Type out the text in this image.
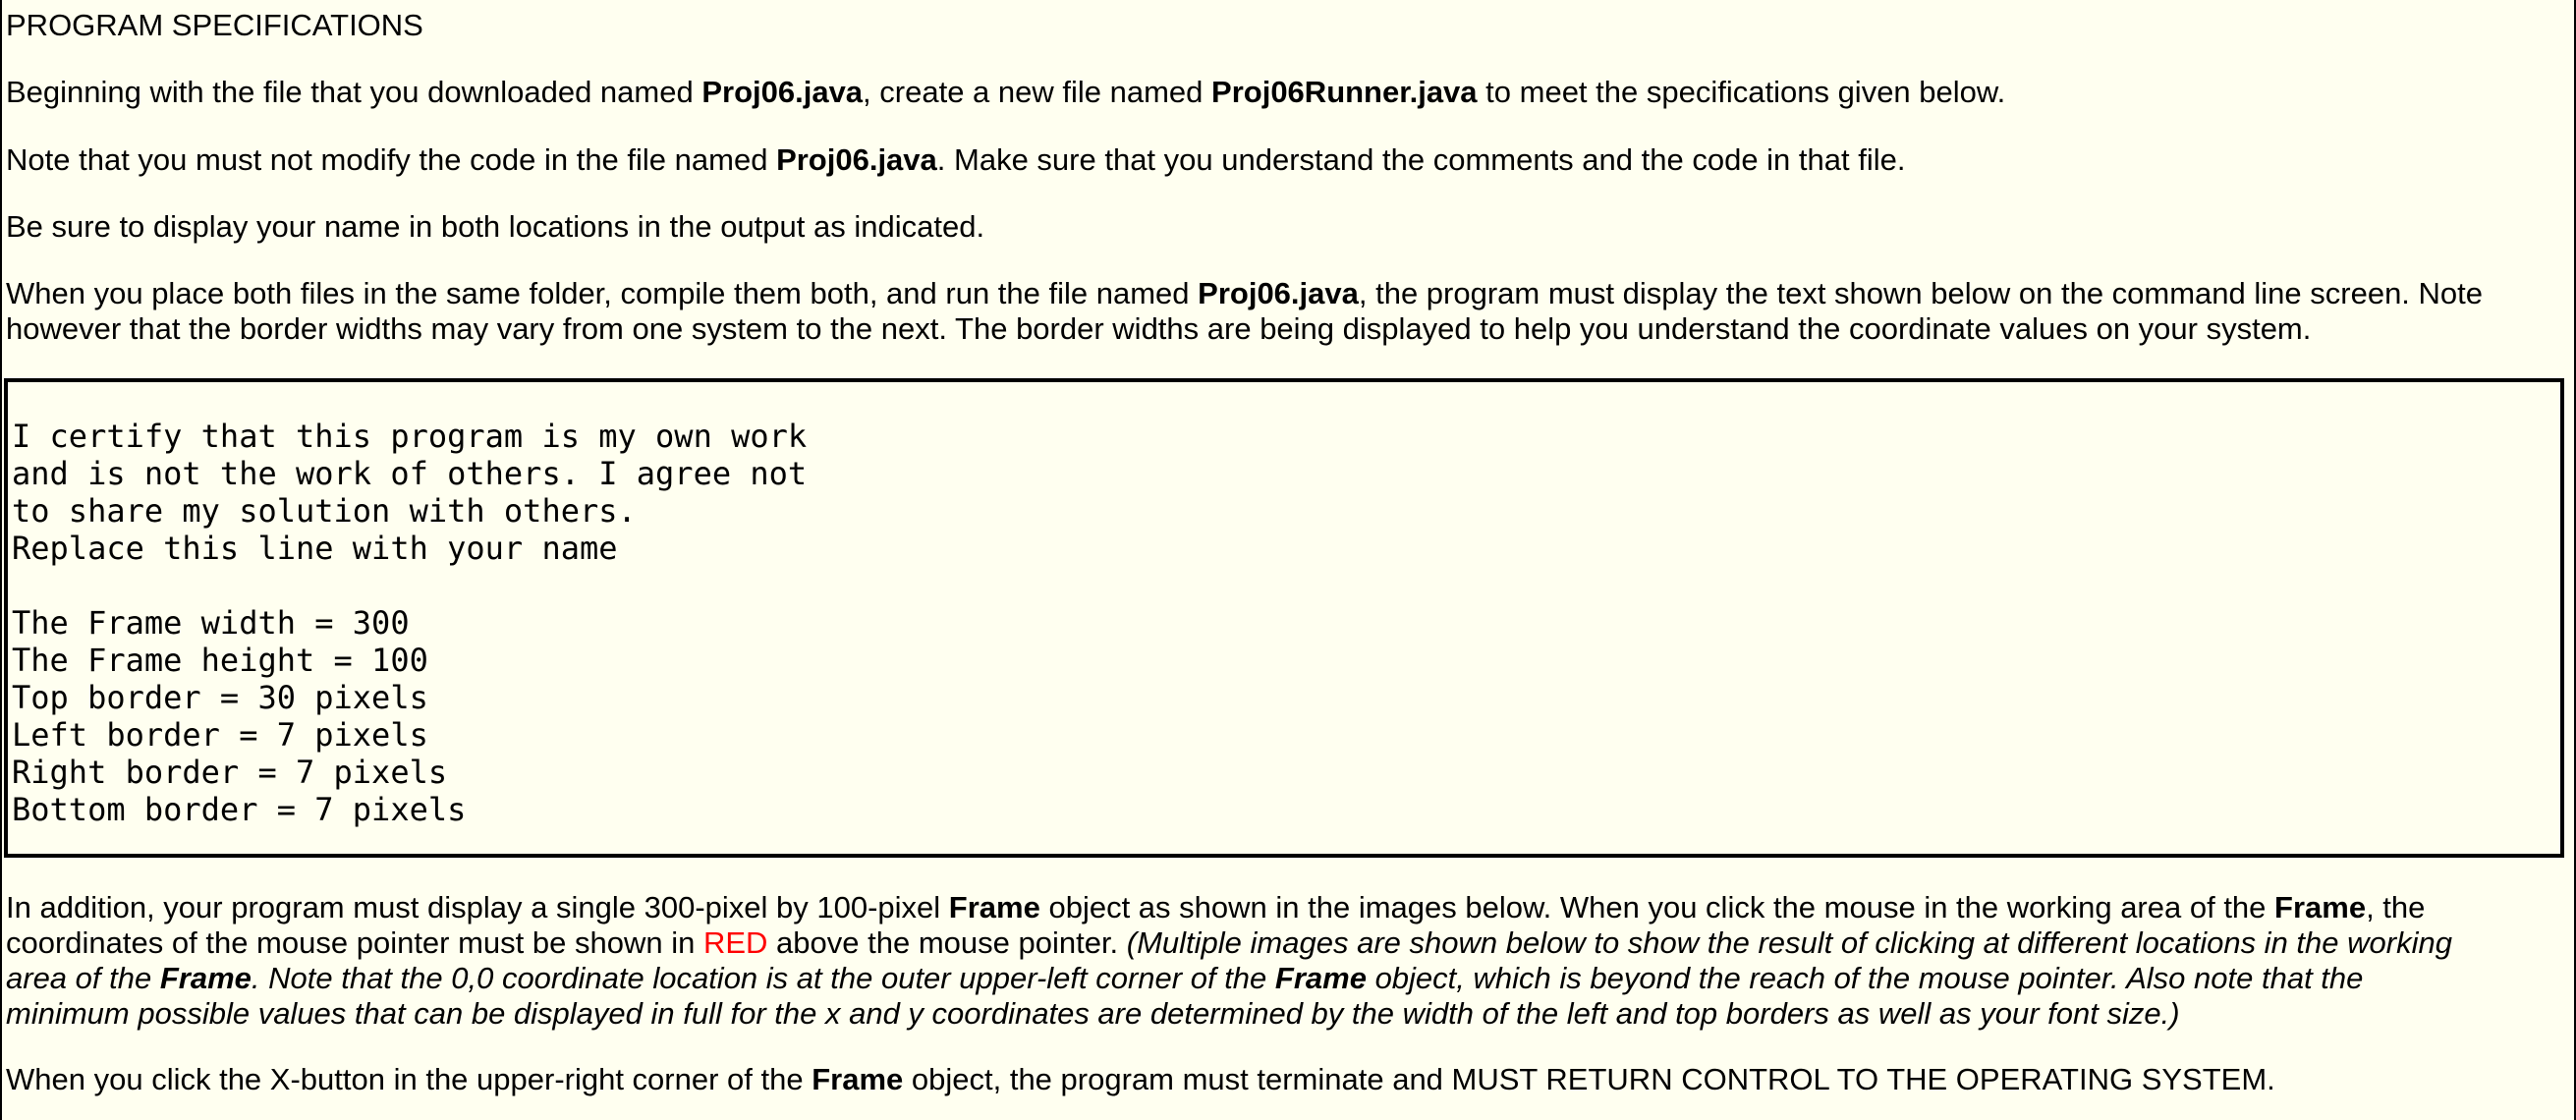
PROGRAM SPECIFICATIONS

Beginning with the file that you downloaded named Proj06.java, create a new file named Proj06Runner.java to meet the specifications given below.

Note that you must not modify the code in the file named Proj06.java. Make sure that you understand the comments and the code in that file.

Be sure to display your name in both locations in the output as indicated.

When you place both files in the same folder, compile them both, and run the file named Proj06.java, the program must display the text shown below on the command line screen. Note
however that the border widths may vary from one system to the next. The border widths are being displayed to help you understand the coordinate values on your system.

I certify that this program is my own work
and is not the work of others. I agree not
to share my solution with others.
Replace this line with your name
The Frame width = 300
The Frame height = 100
Top border = 30 pixels
Left border = 7 pixels
Right border = 7 pixels
Bottom border = 7 pixels

In addition, your program must display a single 300-pixel by 100-pixel Frame object as shown in the images below. When you click the mouse in the working area of the Frame, the
coordinates of the mouse pointer must be shown in RED above the mouse pointer. (Multiple images are shown below to show the result of clicking at different locations in the working
area of the Frame. Note that the 0,0 coordinate location is at the outer upper-left corner of the Frame object, which is beyond the reach of the mouse pointer. Also note that the
minimum possible values that can be displayed in full for the x and y coordinates are determined by the width of the left and top borders as well as your font size.)

When you click the X-button in the upper-right corner of the Frame object, the program must terminate and MUST RETURN CONTROL TO THE OPERATING SYSTEM.
